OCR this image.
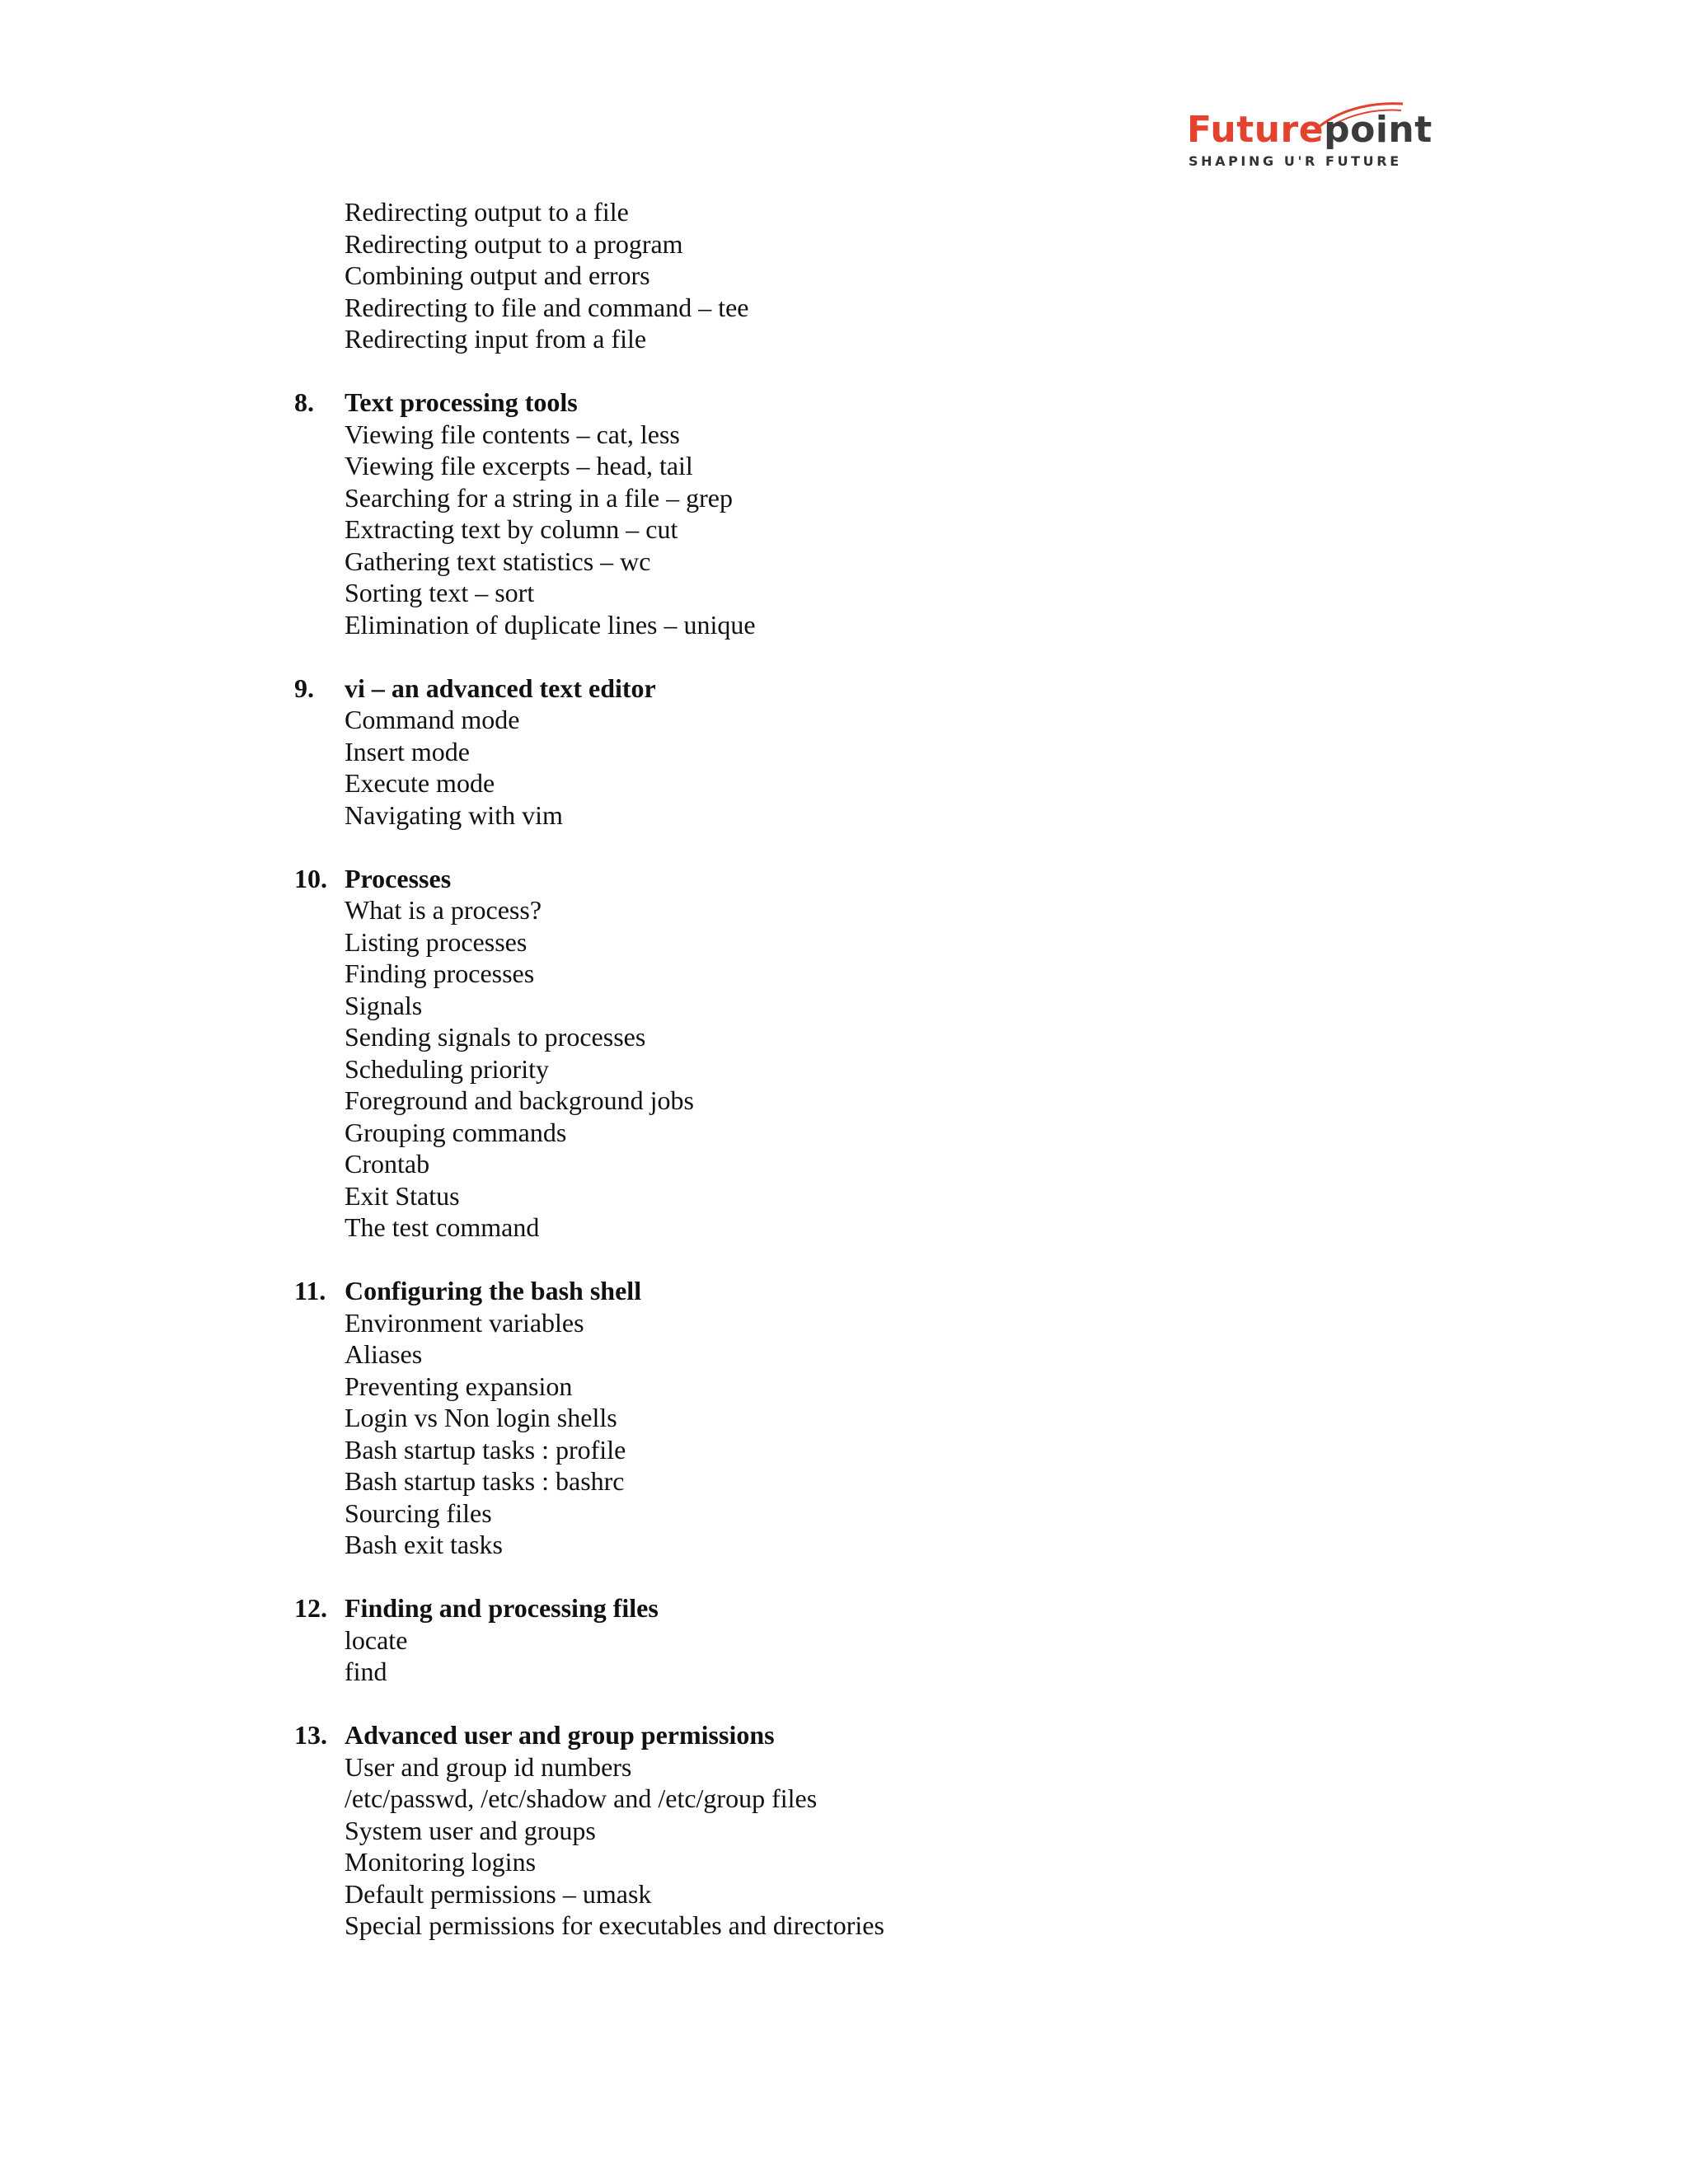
Futurepoint
SHAPING U'R FUTURE
Redirecting output to a file
Redirecting output to a program
Combining output and errors
Redirecting to file and command – tee
Redirecting input from a file
8. Text processing tools
Viewing file contents – cat, less
Viewing file excerpts – head, tail
Searching for a string in a file – grep
Extracting text by column – cut
Gathering text statistics – wc
Sorting text – sort
Elimination of duplicate lines – unique
9. vi – an advanced text editor
Command mode
Insert mode
Execute mode
Navigating with vim
10. Processes
What is a process?
Listing processes
Finding processes
Signals
Sending signals to processes
Scheduling priority
Foreground and background jobs
Grouping commands
Crontab
Exit Status
The test command
11. Configuring the bash shell
Environment variables
Aliases
Preventing expansion
Login vs Non login shells
Bash startup tasks : profile
Bash startup tasks : bashrc
Sourcing files
Bash exit tasks
12. Finding and processing files
locate
find
13. Advanced user and group permissions
User and group id numbers
/etc/passwd, /etc/shadow and /etc/group files
System user and groups
Monitoring logins
Default permissions – umask
Special permissions for executables and directories
